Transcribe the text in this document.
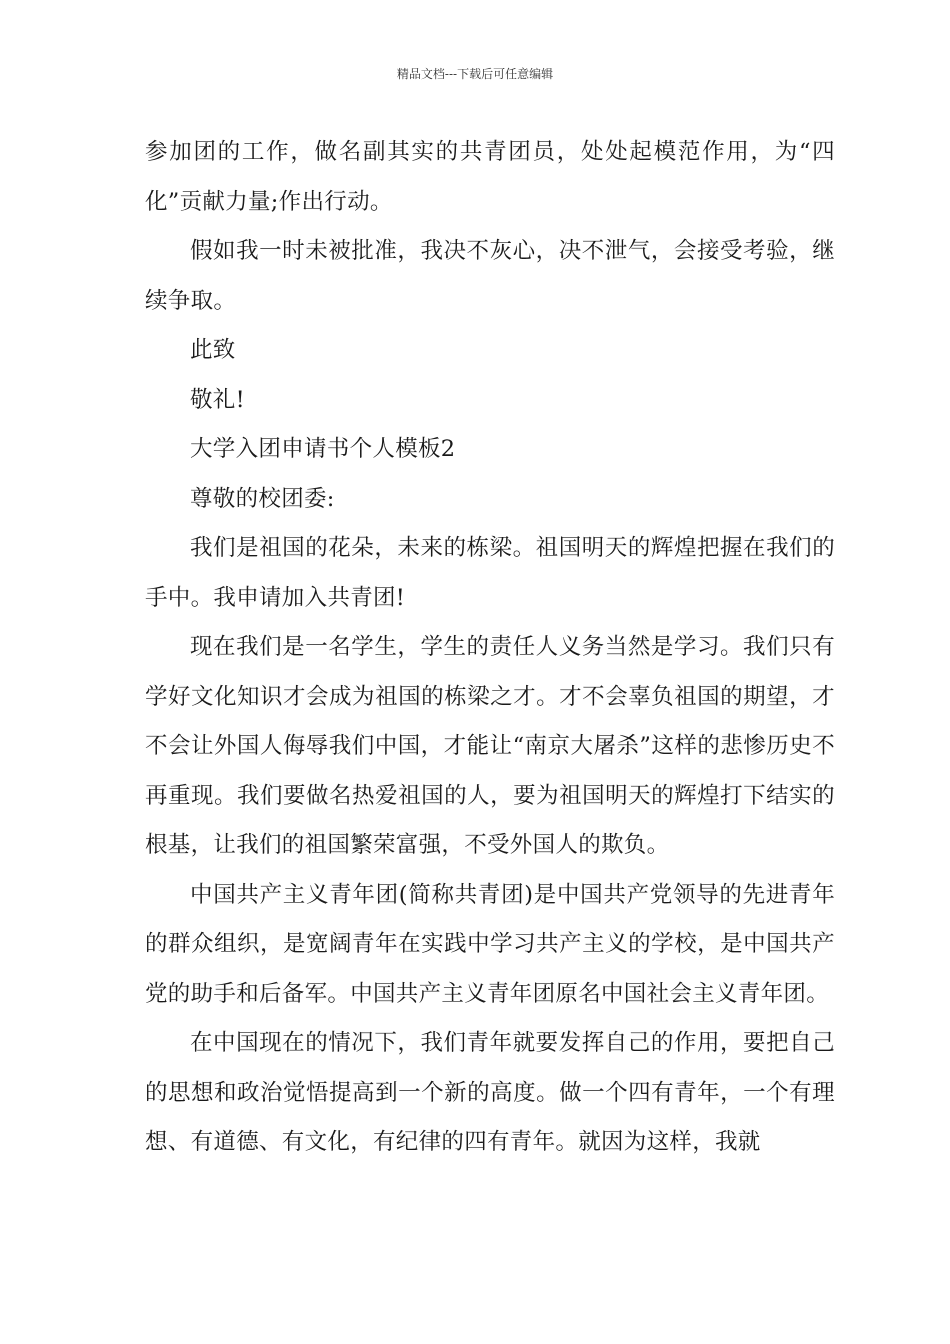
精品文档---下载后可任意编辑

参加团的工作，做名副其实的共青团员，处处起模范作用，为“四化”贡献力量;作出行动。

假如我一时未被批准，我决不灰心，决不泄气，会接受考验，继续争取。

此致

敬礼!

大学入团申请书个人模板2

尊敬的校团委:

我们是祖国的花朵，未来的栋梁。祖国明天的辉煌把握在我们的手中。我申请加入共青团!

现在我们是一名学生，学生的责任人义务当然是学习。我们只有学好文化知识才会成为祖国的栋梁之才。才不会辜负祖国的期望，才不会让外国人侮辱我们中国，才能让“南京大屠杀”这样的悲惨历史不再重现。我们要做名热爱祖国的人，要为祖国明天的辉煌打下结实的根基，让我们的祖国繁荣富强，不受外国人的欺负。

中国共产主义青年团(简称共青团)是中国共产党领导的先进青年的群众组织，是宽阔青年在实践中学习共产主义的学校，是中国共产党的助手和后备军。中国共产主义青年团原名中国社会主义青年团。

在中国现在的情况下，我们青年就要发挥自己的作用，要把自己的思想和政治觉悟提高到一个新的高度。做一个四有青年，一个有理想、有道德、有文化，有纪律的四有青年。就因为这样，我就
